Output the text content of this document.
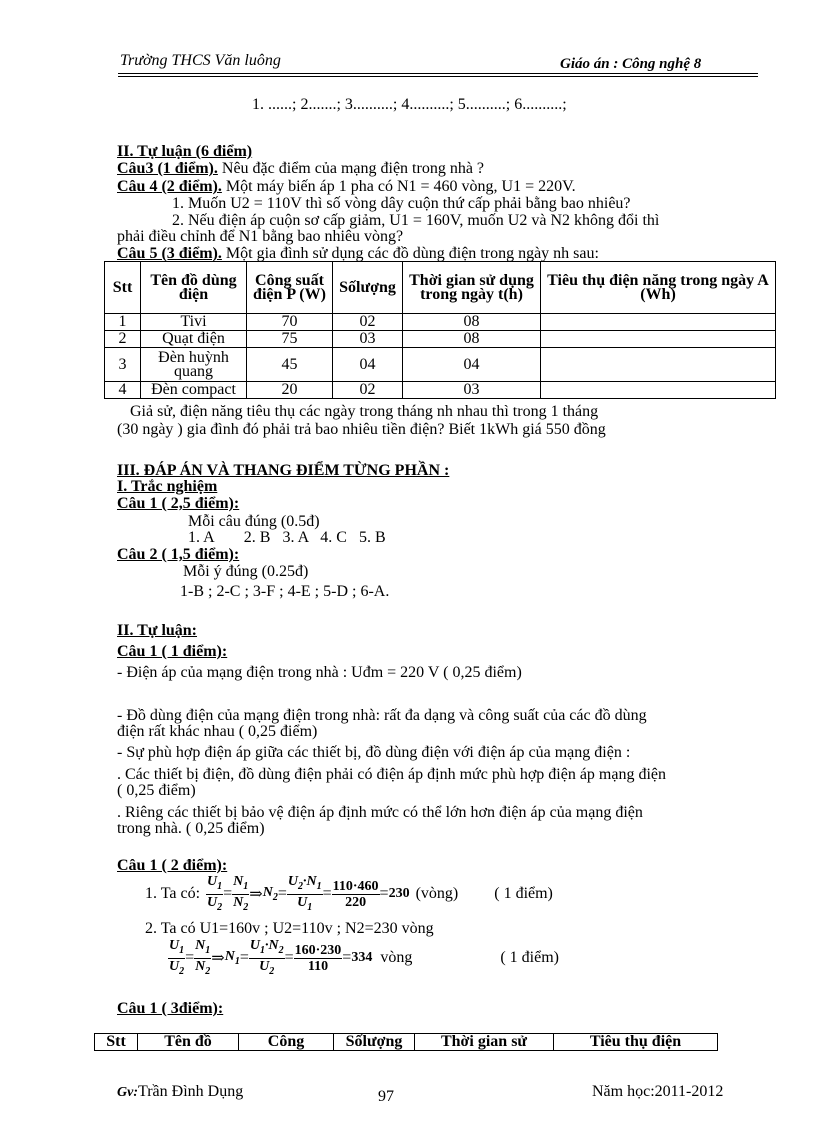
Trường THCS Văn luông	Giáo án : Công nghệ 8
1. ......; 2.......; 3..........; 4..........; 5..........; 6..........;
II. Tự luận (6 điểm)
Câu3 (1 điểm). Nêu đặc điểm của mạng điện trong nhà ?
Câu 4 (2 điểm). Một máy biến áp 1 pha có N1 = 460 vòng, U1 = 220V.
1. Muốn U2 = 110V thì số vòng dây cuộn thứ cấp phải bằng bao nhiêu?
2. Nếu điện áp cuộn sơ cấp giảm, U1 = 160V, muốn U2 và N2 không đổi thì
phải điều chỉnh để N1 bằng bao nhiêu vòng?
Câu 5 (3 điểm). Một gia đình sử dụng các đồ dùng điện trong ngày nh sau:
Stt	Tên đồ dùng điện	Công suất điện P (W)	Sốlượng	Thời gian sử dụng trong ngày t(h)	Tiêu thụ điện năng trong ngày A (Wh)
1	Tivi	70	02	08	
2	Quạt điện	75	03	08	
3	Đèn huỳnh quang	45	04	04	
4	Đèn compact	20	02	03	
Giả sử, điện năng tiêu thụ các ngày trong tháng nh nhau thì trong 1 tháng
(30 ngày ) gia đình đó phải trả bao nhiêu tiền điện? Biết 1kWh giá 550 đồng
III. ĐÁP ÁN VÀ THANG ĐIỂM TỪNG PHẦN :
I. Trắc nghiệm
Câu 1 ( 2,5 điểm):
Mỗi câu đúng (0.5đ)
1. A 2. B 3. A 4. C 5. B
Câu 2 ( 1,5 điểm):
Mỗi ý đúng (0.25đ)
1-B ; 2-C ; 3-F ; 4-E ; 5-D ; 6-A.
II. Tự luận:
Câu 1 ( 1 điểm):
- Điện áp của mạng điện trong nhà : Uđm = 220 V ( 0,25 điểm)
- Đồ dùng điện của mạng điện trong nhà: rất đa dạng và công suất của các đồ dùng
điện rất khác nhau ( 0,25 điểm)
- Sự phù hợp điện áp giữa các thiết bị, đồ dùng điện với điện áp của mạng điện :
. Các thiết bị điện, đồ dùng điện phải có điện áp định mức phù hợp điện áp mạng điện
( 0,25 điểm)
. Riêng các thiết bị bảo vệ điện áp định mức có thể lớn hơn điện áp của mạng điện
trong nhà. ( 0,25 điểm)
Câu 1 ( 2 điểm):
1. Ta có: $\frac{U_1}{U_2} = \frac{N_1}{N_2}$ ⇒ $N_2 = \frac{U_2\cdot N_1}{U_1} = \frac{110\cdot 460}{220} = 230$ (vòng) ( 1 điểm)
2. Ta có U1=160v ; U2=110v ; N2=230 vòng
$\frac{U_1}{U_2} = \frac{N_1}{N_2}$ ⇒ $N_1 = \frac{U_1\cdot N_2}{U_2} = \frac{160\cdot 230}{110} = 334$ vòng	( 1 điểm)
Câu 1 ( 3điểm):
Stt	Tên đồ	Công	Sốlượng	Thời gian sử	Tiêu thụ điện
Gv:Trần Đình Dụng	97	Năm học:2011-2012
